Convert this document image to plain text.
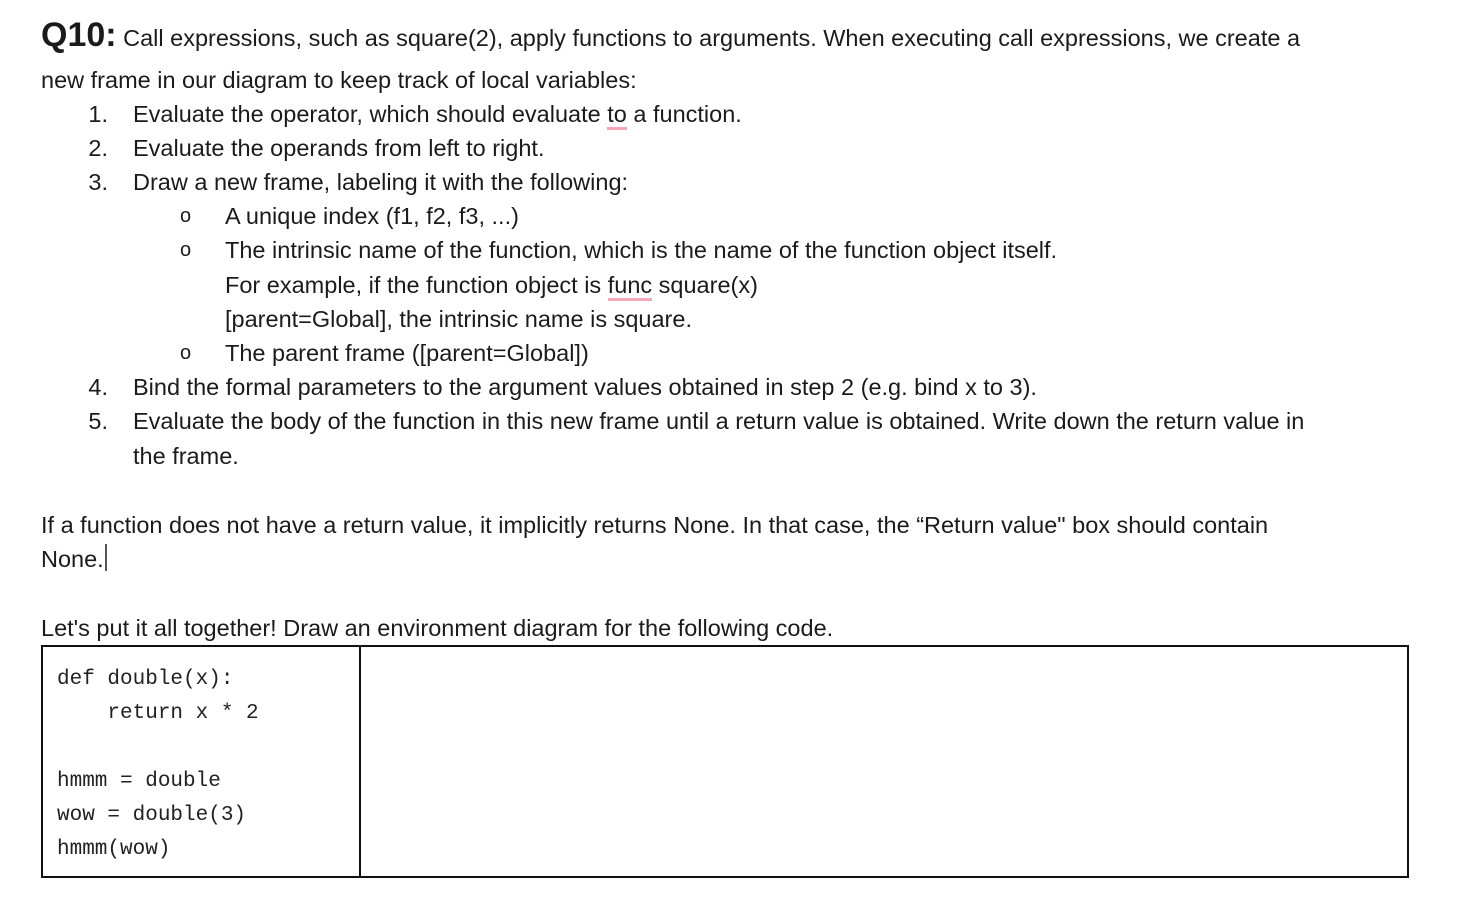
Q10: Call expressions, such as square(2), apply functions to arguments. When executing call expressions, we create a
new frame in our diagram to keep track of local variables:
1. Evaluate the operator, which should evaluate to a function.
2. Evaluate the operands from left to right.
3. Draw a new frame, labeling it with the following:
o A unique index (f1, f2, f3, ...)
o The intrinsic name of the function, which is the name of the function object itself.
For example, if the function object is func square(x)
[parent=Global], the intrinsic name is square.
o The parent frame ([parent=Global])
4. Bind the formal parameters to the argument values obtained in step 2 (e.g. bind x to 3).
5. Evaluate the body of the function in this new frame until a return value is obtained. Write down the return value in
the frame.
If a function does not have a return value, it implicitly returns None. In that case, the “Return value" box should contain
None.
Let's put it all together! Draw an environment diagram for the following code.
def double(x):
return x * 2
hmmm = double
wow = double(3)
hmmm(wow)
